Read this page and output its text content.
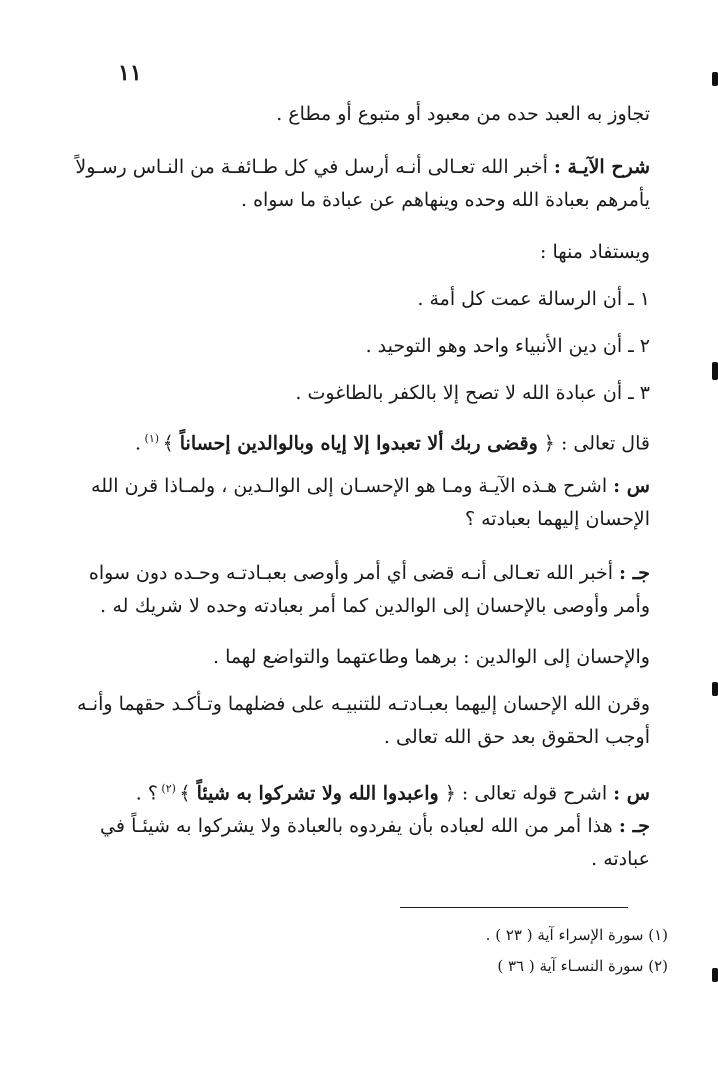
١١
تجاوز به العبد حده من معبود أو متبوع أو مطاع .
شرح الآيـة : أخبر الله تعـالى أنـه أرسل في كل طـائفـة من النـاس رسـولاً
يأمرهم بعبادة الله وحده وينهاهم عن عبادة ما سواه .
ويستفاد منها :
١ ـ أن الرسالة عمت كل أمة .
٢ ـ أن دين الأنبياء واحد وهو التوحيد .
٣ ـ أن عبادة الله لا تصح إلا بالكفر بالطاغوت .
قال تعالى : ﴿ وقضى ربك ألا تعبدوا إلا إياه وبالوالدين إحساناً ﴾ $^{(١)}$ .
س : اشرح هـذه الآيـة ومـا هو الإحسـان إلى الوالـدين ، ولمـاذا قرن الله
الإحسان إليهما بعبادته ؟
جـ : أخبر الله تعـالى أنـه قضى أي أمر وأوصى بعبـادتـه وحـده دون سواه
وأمر وأوصى بالإحسان إلى الوالدين كما أمر بعبادته وحده لا شريك له .
والإحسان إلى الوالدين : برهما وطاعتهما والتواضع لهما .
وقرن الله الإحسان إليهما بعبـادتـه للتنبيـه على فضلهما وتـأكـد حقهما وأنـه
أوجب الحقوق بعد حق الله تعالى .
س : اشرح قوله تعالى : ﴿ واعبدوا الله ولا تشركوا به شيئاً ﴾ $^{(٢)}$ ؟ .
جـ : هذا أمر من الله لعباده بأن يفردوه بالعبادة ولا يشركوا به شيئـاً في
عبادته .
(١) سورة الإسراء آية ( ٢٣ ) .
(٢) سورة النسـاء آية ( ٣٦ )
